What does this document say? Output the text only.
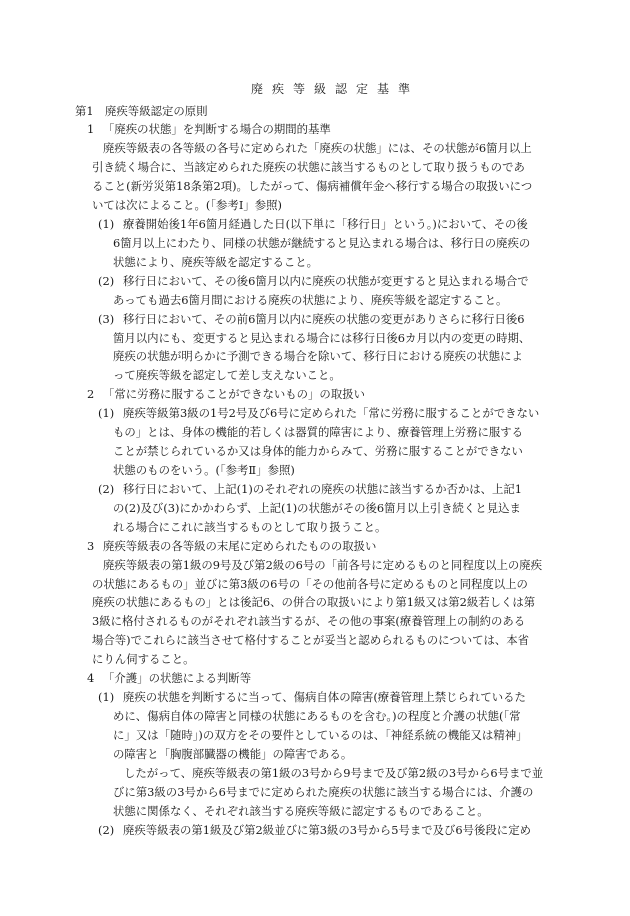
廃疾等級認定基準
第1　廃疾等級認定の原則
1 「廃疾の状態」を判断する場合の期間的基準
廃疾等級表の各等級の各号に定められた「廃疾の状態」には、その状態が6箇月以上
引き続く場合に、当該定められた廃疾の状態に該当するものとして取り扱うものであ
ること(新労災第18条第2項)。したがって、傷病補償年金へ移行する場合の取扱いにつ
いては次によること。(「参考Ⅰ」参照)
(1) 療養開始後1年6箇月経過した日(以下単に「移行日」という。)において、その後
6箇月以上にわたり、同様の状態が継続すると見込まれる場合は、移行日の廃疾の
状態により、廃疾等級を認定すること。
(2) 移行日において、その後6箇月以内に廃疾の状態が変更すると見込まれる場合で
あっても過去6箇月間における廃疾の状態により、廃疾等級を認定すること。
(3) 移行日において、その前6箇月以内に廃疾の状態の変更がありさらに移行日後6
箇月以内にも、変更すると見込まれる場合には移行日後6カ月以内の変更の時期、
廃疾の状態が明らかに予測できる場合を除いて、移行日における廃疾の状態によ
って廃疾等級を認定して差し支えないこと。
2 「常に労務に服することができないもの」の取扱い
(1) 廃疾等級第3級の1号2号及び6号に定められた「常に労務に服することができない
もの」とは、身体の機能的若しくは器質的障害により、療養管理上労務に服する
ことが禁じられているか又は身体的能力からみて、労務に服することができない
状態のものをいう。(「参考Ⅱ」参照)
(2) 移行日において、上記(1)のそれぞれの廃疾の状態に該当するか否かは、上記1
の(2)及び(3)にかかわらず、上記(1)の状態がその後6箇月以上引き続くと見込ま
れる場合にこれに該当するものとして取り扱うこと。
3 廃疾等級表の各等級の末尾に定められたものの取扱い
廃疾等級表の第1級の9号及び第2級の6号の「前各号に定めるものと同程度以上の廃疾
の状態にあるもの」並びに第3級の6号の「その他前各号に定めるものと同程度以上の
廃疾の状態にあるもの」とは後記6、の併合の取扱いにより第1級又は第2級若しくは第
3級に格付されるものがそれぞれ該当するが、その他の事案(療養管理上の制約のある
場合等)でこれらに該当させて格付することが妥当と認められるものについては、本省
にりん伺すること。
4 「介護」の状態による判断等
(1) 廃疾の状態を判断するに当って、傷病自体の障害(療養管理上禁じられているた
めに、傷病自体の障害と同様の状態にあるものを含む。)の程度と介護の状態(「常
に」又は「随時」)の双方をその要件としているのは、「神経系統の機能又は精神」
の障害と「胸腹部臓器の機能」の障害である。
したがって、廃疾等級表の第1級の3号から9号まで及び第2級の3号から6号まで並
びに第3級の3号から6号までに定められた廃疾の状態に該当する場合には、介護の
状態に関係なく、それぞれ該当する廃疾等級に認定するものであること。
(2) 廃疾等級表の第1級及び第2級並びに第3級の3号から5号まで及び6号後段に定め
